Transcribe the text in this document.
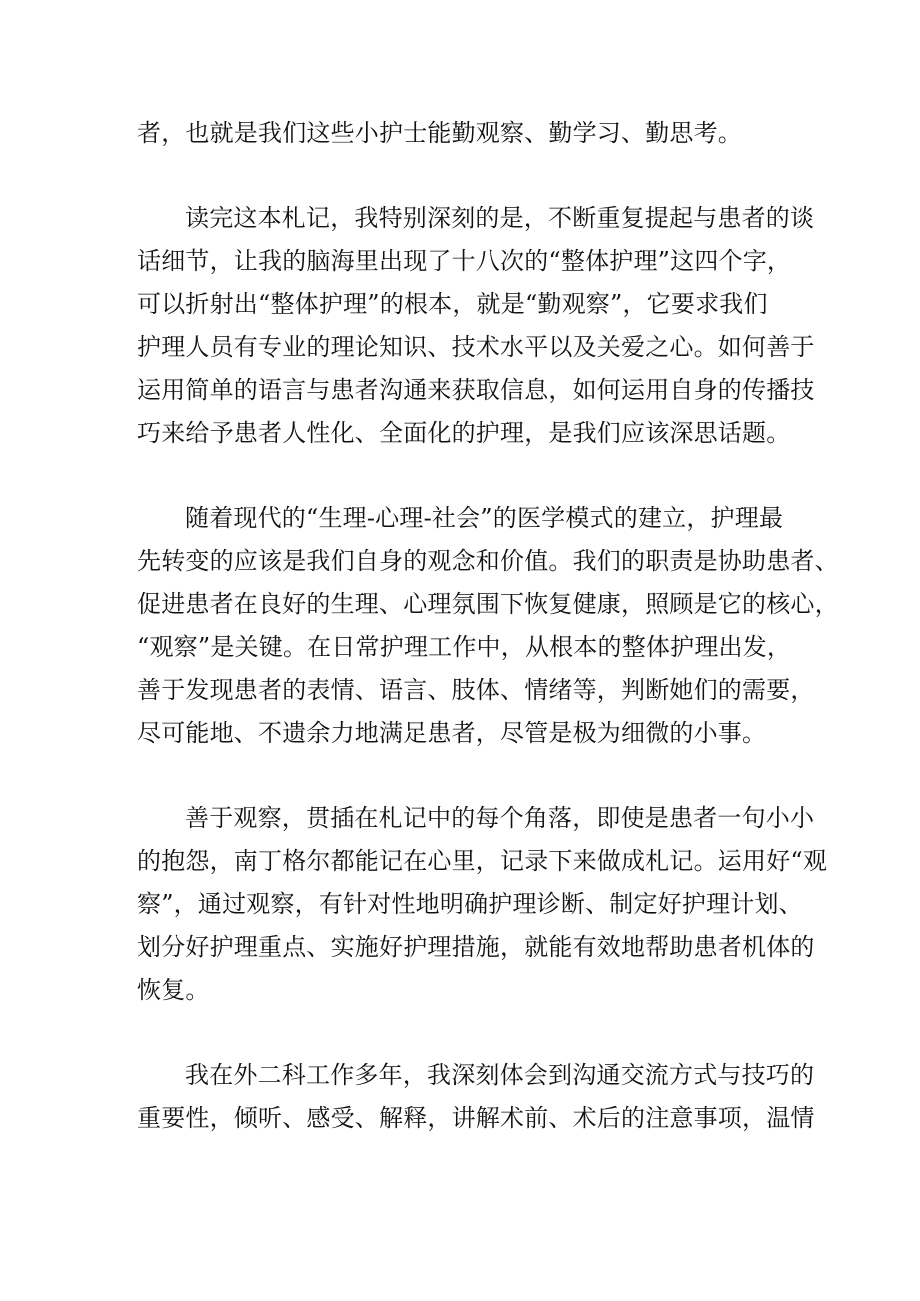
者，也就是我们这些小护士能勤观察、勤学习、勤思考。
读完这本札记，我特别深刻的是，不断重复提起与患者的谈
话细节，让我的脑海里出现了十八次的“整体护理”这四个字，
可以折射出“整体护理”的根本，就是“勤观察”，它要求我们
护理人员有专业的理论知识、技术水平以及关爱之心。如何善于
运用简单的语言与患者沟通来获取信息，如何运用自身的传播技
巧来给予患者人性化、全面化的护理，是我们应该深思话题。
随着现代的“生理-心理-社会”的医学模式的建立，护理最
先转变的应该是我们自身的观念和价值。我们的职责是协助患者、
促进患者在良好的生理、心理氛围下恢复健康，照顾是它的核心，
“观察”是关键。在日常护理工作中，从根本的整体护理出发，
善于发现患者的表情、语言、肢体、情绪等，判断她们的需要，
尽可能地、不遗余力地满足患者，尽管是极为细微的小事。
善于观察，贯插在札记中的每个角落，即使是患者一句小小
的抱怨，南丁格尔都能记在心里，记录下来做成札记。运用好“观
察”，通过观察，有针对性地明确护理诊断、制定好护理计划、
划分好护理重点、实施好护理措施，就能有效地帮助患者机体的
恢复。
我在外二科工作多年，我深刻体会到沟通交流方式与技巧的
重要性，倾听、感受、解释，讲解术前、术后的注意事项，温情
